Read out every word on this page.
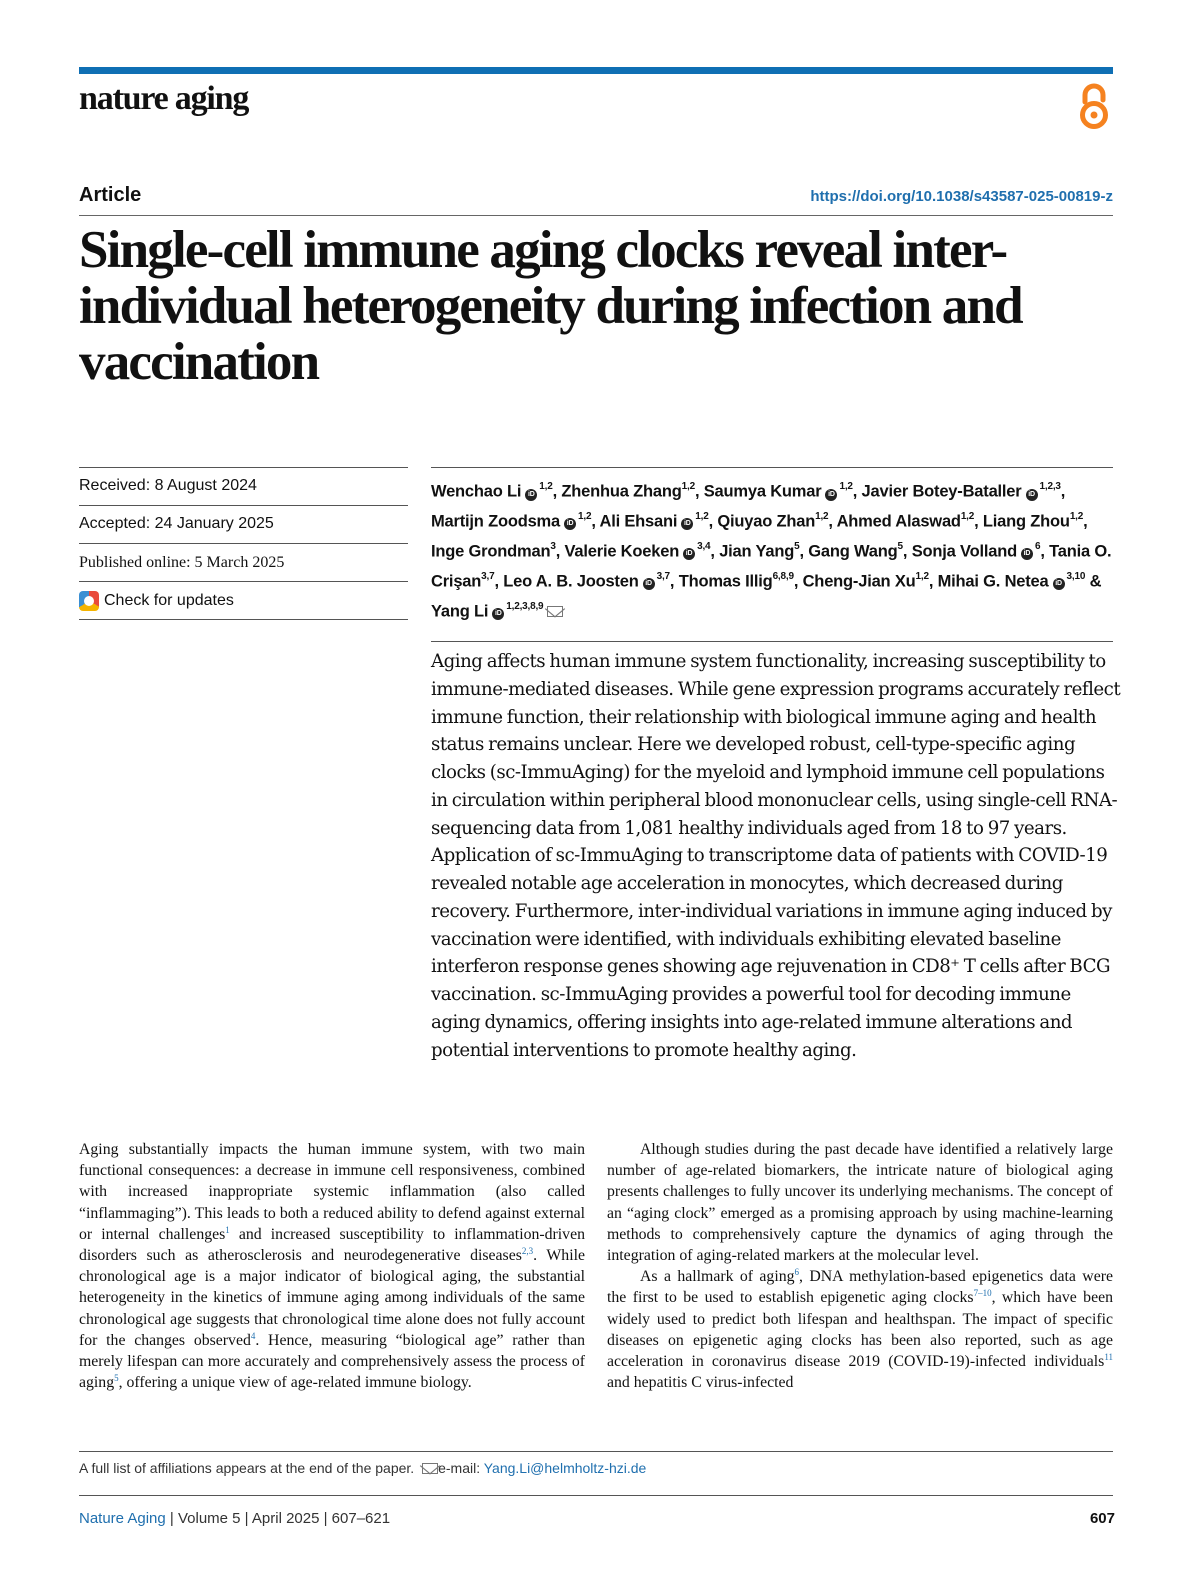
nature aging
Article	https://doi.org/10.1038/s43587-025-00819-z
Single-cell immune aging clocks reveal inter-individual heterogeneity during infection and vaccination
Received: 8 August 2024
Accepted: 24 January 2025
Published online: 5 March 2025
Check for updates
Wenchao Li iD$^{1,2}$, Zhenhua Zhang$^{1,2}$, Saumya Kumar iD$^{1,2}$, Javier Botey-Bataller iD$^{1,2,3}$, Martijn Zoodsma iD$^{1,2}$, Ali Ehsani iD$^{1,2}$, Qiuyao Zhan$^{1,2}$, Ahmed Alaswad$^{1,2}$, Liang Zhou$^{1,2}$, Inge Grondman$^3$, Valerie Koeken iD$^{3,4}$, Jian Yang$^5$, Gang Wang$^5$, Sonja Volland $iD^6$, Tania O. Crişan$^{3,7}$, Leo A. B. Joosten iD$^{3,7}$, Thomas Illig$^{6,8,9}$, Cheng-Jian Xu$^{1,2}$, Mihai G. Netea iD$^{3,10}$ & Yang Li iD$^{1,2,3,8,9}$

Aging affects human immune system functionality, increasing susceptibility to immune-mediated diseases. While gene expression programs accurately reflect immune function, their relationship with biological immune aging and health status remains unclear. Here we developed robust, cell-type-specific aging clocks (sc-ImmuAging) for the myeloid and lymphoid immune cell populations in circulation within peripheral blood mononuclear cells, using single-cell RNA-sequencing data from 1,081 healthy individuals aged from 18 to 97 years. Application of sc-ImmuAging to transcriptome data of patients with COVID-19 revealed notable age acceleration in monocytes, which decreased during recovery. Furthermore, inter-individual variations in immune aging induced by vaccination were identified, with individuals exhibiting elevated baseline interferon response genes showing age rejuvenation in CD8⁺ T cells after BCG vaccination. sc-ImmuAging provides a powerful tool for decoding immune aging dynamics, offering insights into age-related immune alterations and potential interventions to promote healthy aging.

Aging substantially impacts the human immune system, with two main functional consequences: a decrease in immune cell responsiveness, combined with increased inappropriate systemic inflammation (also called “inflammaging”). This leads to both a reduced ability to defend against external or internal challenges$^1$ and increased susceptibility to inflammation-driven disorders such as atherosclerosis and neurodegenerative diseases$^{2,3}$. While chronological age is a major indicator of biological aging, the substantial heterogeneity in the kinetics of immune aging among individuals of the same chronological age suggests that chronological time alone does not fully account for the changes observed$^4$. Hence, measuring “biological age” rather than merely lifespan can more accurately and comprehensively assess the process of aging$^5$, offering a unique view of age-related immune biology.

Although studies during the past decade have identified a relatively large number of age-related biomarkers, the intricate nature of biological aging presents challenges to fully uncover its underlying mechanisms. The concept of an “aging clock” emerged as a promising approach by using machine-learning methods to comprehensively capture the dynamics of aging through the integration of aging-related markers at the molecular level.

As a hallmark of aging$^6$, DNA methylation-based epigenetics data were the first to be used to establish epigenetic aging clocks$^{7-10}$, which have been widely used to predict both lifespan and healthspan. The impact of specific diseases on epigenetic aging clocks has been also reported, such as age acceleration in coronavirus disease 2019 (COVID-19)-infected individuals$^{11}$ and hepatitis C virus-infected

A full list of affiliations appears at the end of the paper. e-mail: Yang.Li@helmholtz-hzi.de
Nature Aging | Volume 5 | April 2025 | 607–621	607
